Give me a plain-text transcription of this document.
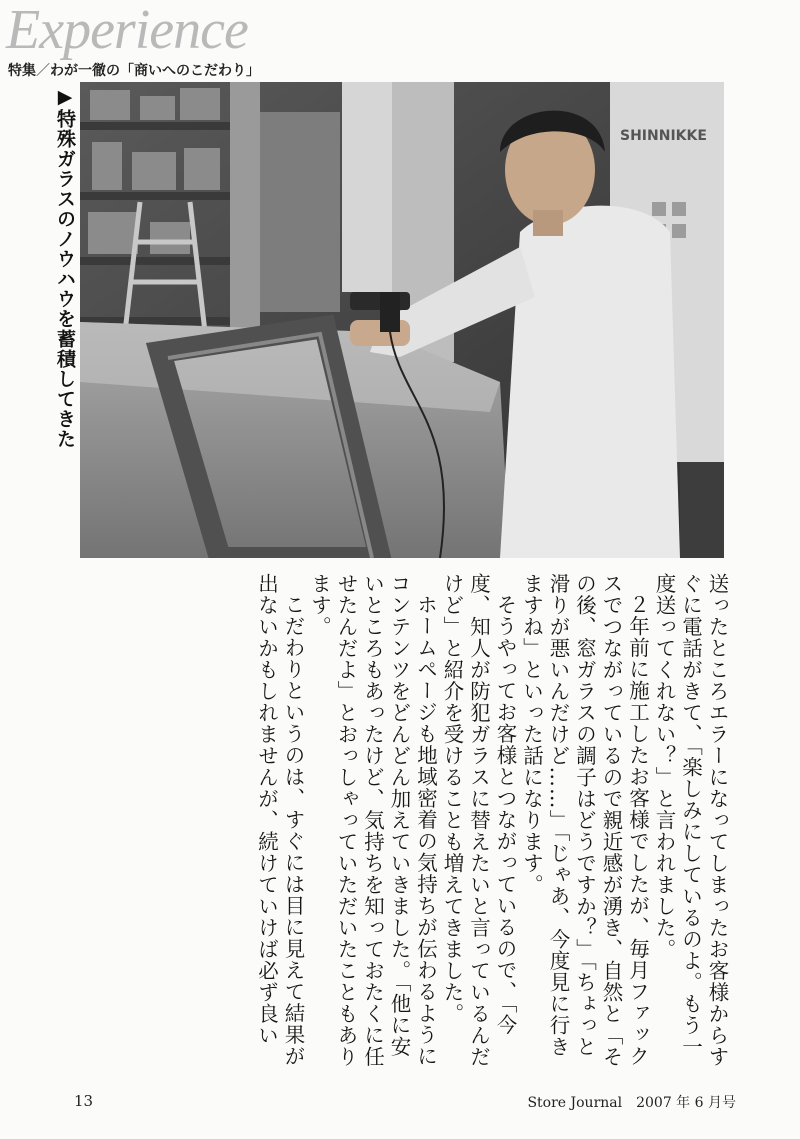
Experience
特集／わが一徹の「商いへのこだわり」
▶特殊ガラスのノウハウを蓄積してきた	SHINNIKKE

送ったところエラーになってしまったお客様からすぐに電話がきて、「楽しみにしているのよ。もう一度送ってくれない？」と言われました。

２年前に施工したお客様でしたが、毎月ファックスでつながっているので親近感が湧き、自然と「その後、窓ガラスの調子はどうですか？」「ちょっと滑りが悪いんだけど……」「じゃあ、今度見に行きますね」といった話になります。

そうやってお客様とつながっているので、「今度、知人が防犯ガラスに替えたいと言っているんだけど」と紹介を受けることも増えてきました。

ホームページも地域密着の気持ちが伝わるようにコンテンツをどんどん加えていきました。「他に安いところもあったけど、気持ちを知っておたくに任せたんだよ」とおっしゃっていただいたこともあります。

こだわりというのは、すぐには目に見えて結果が出ないかもしれませんが、続けていけば必ず良い

13	Store Journal　2007 年 6 月号
